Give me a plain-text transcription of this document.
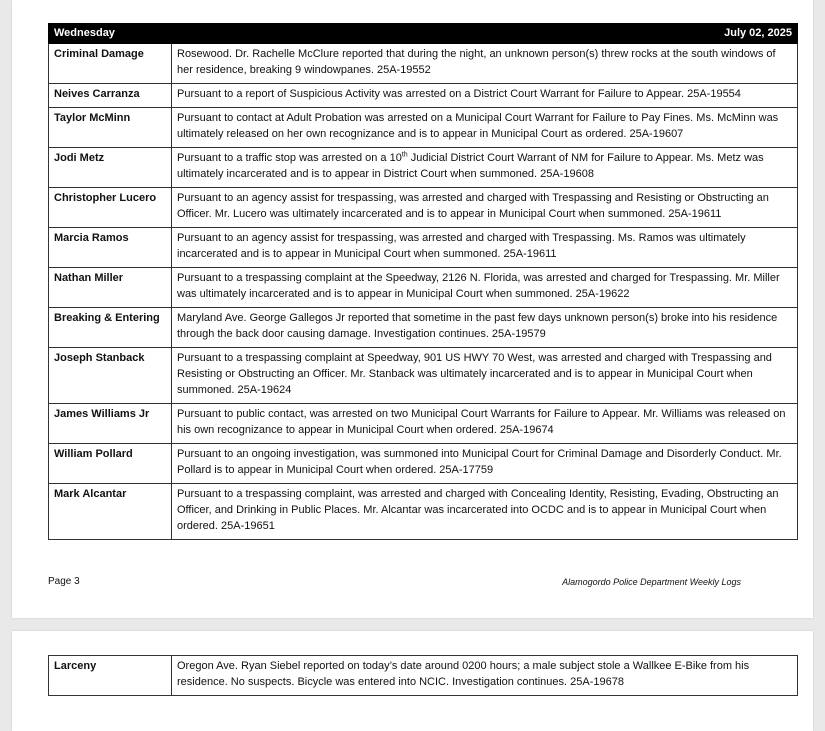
Wednesday	July 02, 2025
Criminal Damage	Rosewood. Dr. Rachelle McClure reported that during the night, an unknown person(s) threw rocks at the south windows of her residence, breaking 9 windowpanes. 25A-19552
Neives Carranza	Pursuant to a report of Suspicious Activity was arrested on a District Court Warrant for Failure to Appear. 25A-19554
Taylor McMinn	Pursuant to contact at Adult Probation was arrested on a Municipal Court Warrant for Failure to Pay Fines. Ms. McMinn was ultimately released on her own recognizance and is to appear in Municipal Court as ordered. 25A-19607
Jodi Metz	Pursuant to a traffic stop was arrested on a 10th Judicial District Court Warrant of NM for Failure to Appear. Ms. Metz was ultimately incarcerated and is to appear in District Court when summoned. 25A-19608
Christopher Lucero	Pursuant to an agency assist for trespassing, was arrested and charged with Trespassing and Resisting or Obstructing an Officer. Mr. Lucero was ultimately incarcerated and is to appear in Municipal Court when summoned. 25A-19611
Marcia Ramos	Pursuant to an agency assist for trespassing, was arrested and charged with Trespassing. Ms. Ramos was ultimately incarcerated and is to appear in Municipal Court when summoned. 25A-19611
Nathan Miller	Pursuant to a trespassing complaint at the Speedway, 2126 N. Florida, was arrested and charged for Trespassing. Mr. Miller was ultimately incarcerated and is to appear in Municipal Court when summoned. 25A-19622
Breaking & Entering	Maryland Ave. George Gallegos Jr reported that sometime in the past few days unknown person(s) broke into his residence through the back door causing damage. Investigation continues. 25A-19579
Joseph Stanback	Pursuant to a trespassing complaint at Speedway, 901 US HWY 70 West, was arrested and charged with Trespassing and Resisting or Obstructing an Officer. Mr. Stanback was ultimately incarcerated and is to appear in Municipal Court when summoned. 25A-19624
James Williams Jr	Pursuant to public contact, was arrested on two Municipal Court Warrants for Failure to Appear. Mr. Williams was released on his own recognizance to appear in Municipal Court when ordered. 25A-19674
William Pollard	Pursuant to an ongoing investigation, was summoned into Municipal Court for Criminal Damage and Disorderly Conduct. Mr. Pollard is to appear in Municipal Court when ordered. 25A-17759
Mark Alcantar	Pursuant to a trespassing complaint, was arrested and charged with Concealing Identity, Resisting, Evading, Obstructing an Officer, and Drinking in Public Places. Mr. Alcantar was incarcerated into OCDC and is to appear in Municipal Court when ordered. 25A-19651
Page 3	Alamogordo Police Department Weekly Logs
Larceny	Oregon Ave. Ryan Siebel reported on today’s date around 0200 hours; a male subject stole a Wallkee E-Bike from his residence. No suspects. Bicycle was entered into NCIC. Investigation continues. 25A-19678
